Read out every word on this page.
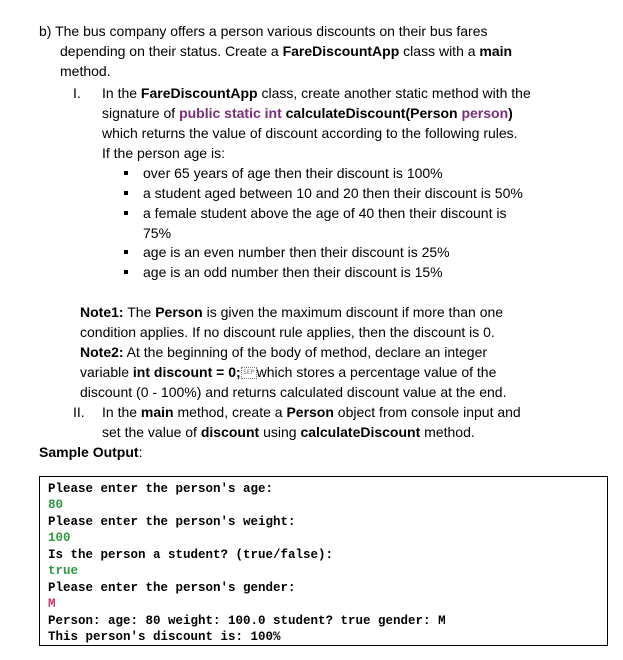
b) The bus company offers a person various discounts on their bus fares
depending on their status. Create a FareDiscountApp class with a main
method.
I. In the FareDiscountApp class, create another static method with the
signature of public static int calculateDiscount(Person person)
which returns the value of discount according to the following rules.
If the person age is:
over 65 years of age then their discount is 100%
a student aged between 10 and 20 then their discount is 50%
a female student above the age of 40 then their discount is
75%
age is an even number then their discount is 25%
age is an odd number then their discount is 15%
Note1: The Person is given the maximum discount if more than one
condition applies. If no discount rule applies, then the discount is 0.
Note2: At the beginning of the body of method, declare an integer
variable int discount = 0; SEP which stores a percentage value of the
discount (0 - 100%) and returns calculated discount value at the end.
II. In the main method, create a Person object from console input and
set the value of discount using calculateDiscount method.
Sample Output:
Please enter the person's age:
80
Please enter the person's weight:
100
Is the person a student? (true/false):
true
Please enter the person's gender:
M
Person: age: 80 weight: 100.0 student? true gender: M
This person's discount is: 100%
